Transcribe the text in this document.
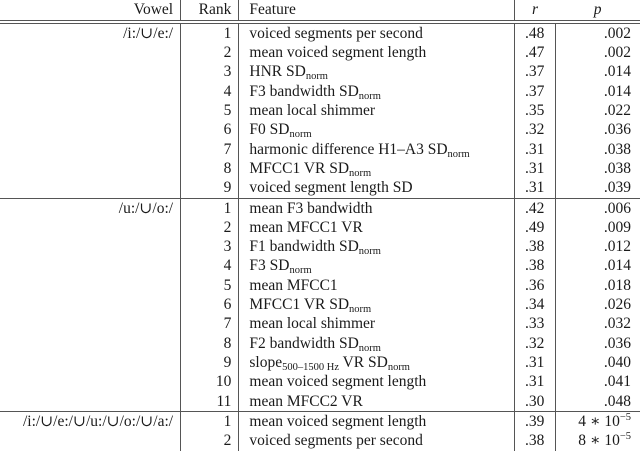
Vowel	Rank	Feature	r	p
/i:/∪/e:/	1	voiced segments per second	.48	.002
	2	mean voiced segment length	.47	.002
	3	HNR $SD_{norm}$	.37	.014
	4	F3 bandwidth $SD_{norm}$	.37	.014
	5	mean local shimmer	.35	.022
	6	F0 $SD_{norm}$	.32	.036
	7	harmonic difference H1–A3 $SD_{norm}$	.31	.038
	8	MFCC1 VR $SD_{norm}$	.31	.038
	9	voiced segment length SD	.31	.039
/u:/∪/o:/	1	mean F3 bandwidth	.42	.006
	2	mean MFCC1 VR	.49	.009
	3	F1 bandwidth $SD_{norm}$	.38	.012
	4	F3 $SD_{norm}$	.38	.014
	5	mean MFCC1	.36	.018
	6	MFCC1 VR $SD_{norm}$	.34	.026
	7	mean local shimmer	.33	.032
	8	F2 bandwidth $SD_{norm}$	.32	.036
	9	slope$_{500-1500 Hz}$ VR $SD_{norm}$	.31	.040
	10	mean voiced segment length	.31	.041
	11	mean MFCC2 VR	.30	.048
/i:/∪/e:/∪/u:/∪/o:/∪/a:/	1	mean voiced segment length	.39	4 ∗ $10^{-5}$
	2	voiced segments per second	.38	8 ∗ $10^{-5}$
